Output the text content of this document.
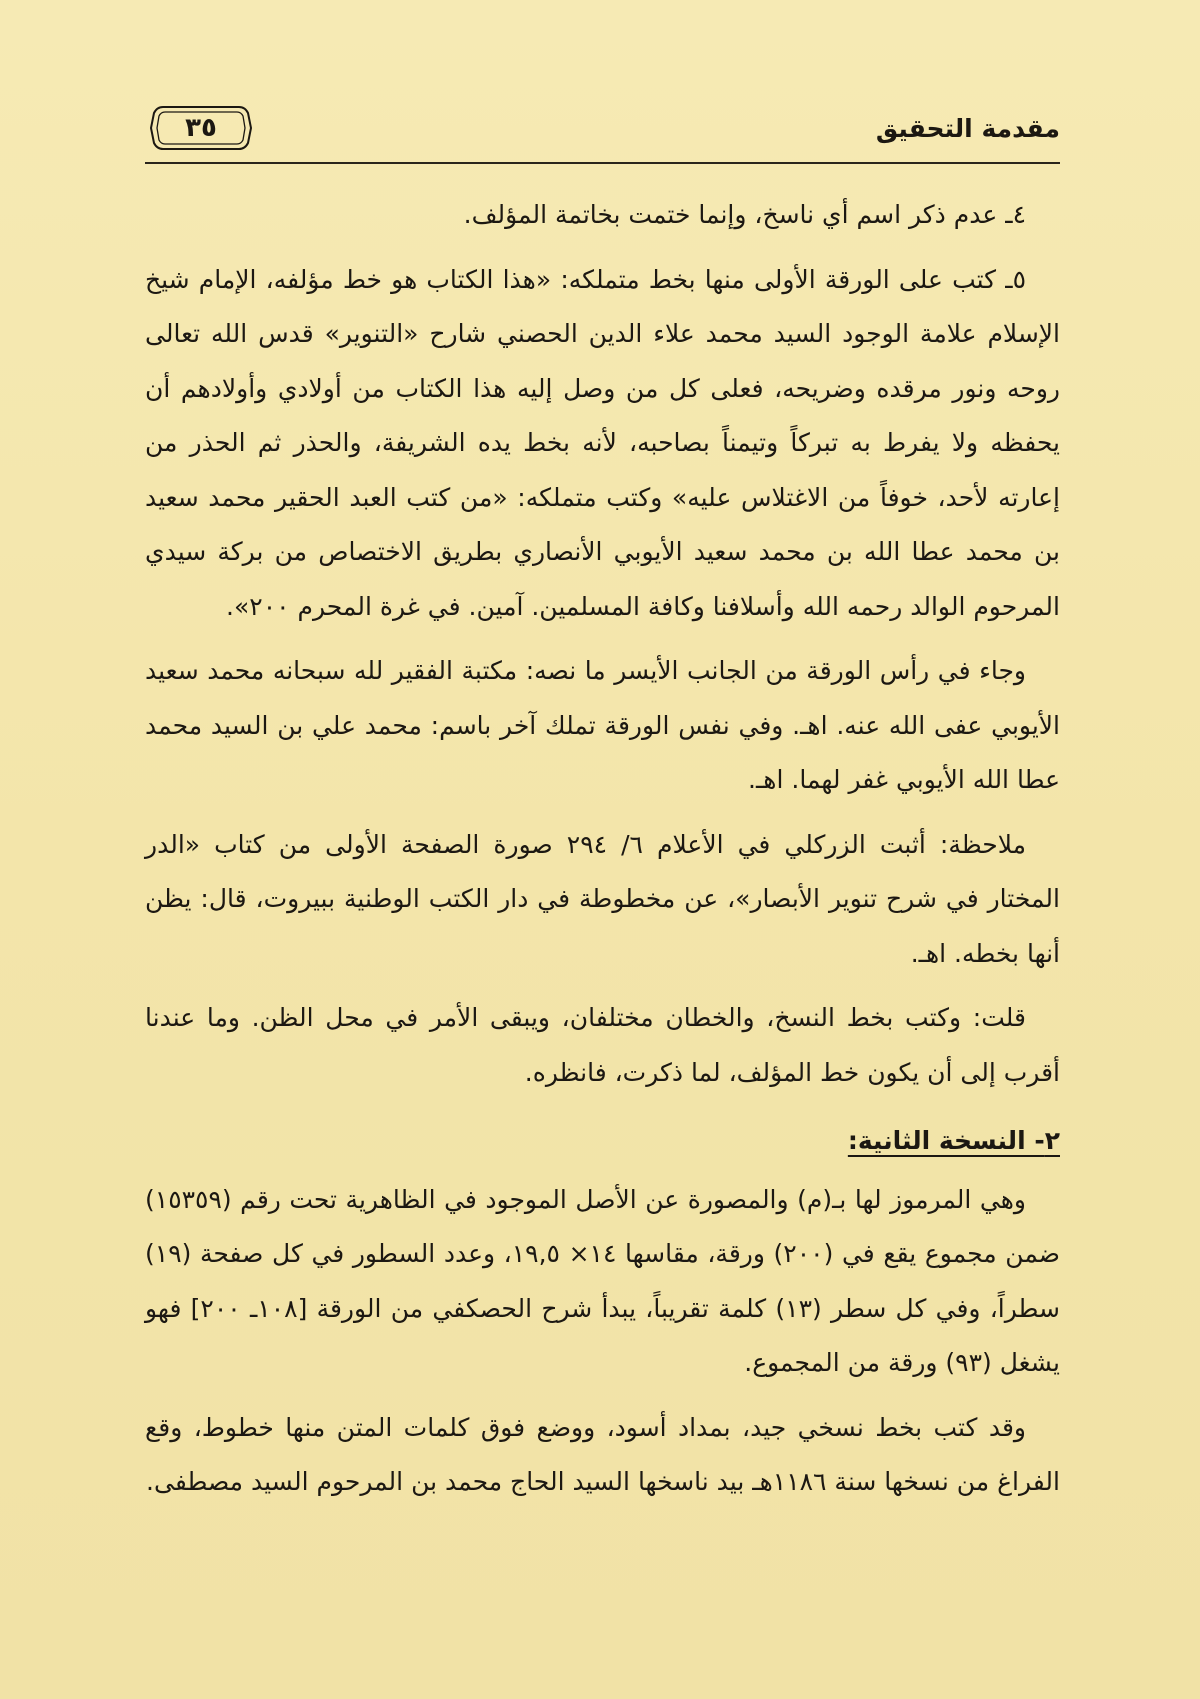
مقدمة التحقيق
٣٥

٤ـ عدم ذكر اسم أي ناسخ، وإنما ختمت بخاتمة المؤلف.

٥ـ كتب على الورقة الأولى منها بخط متملكه: «هذا الكتاب هو خط مؤلفه، الإمام شيخ الإسلام علامة الوجود السيد محمد علاء الدين الحصني شارح «التنوير» قدس الله تعالى روحه ونور مرقده وضريحه، فعلى كل من وصل إليه هذا الكتاب من أولادي وأولادهم أن يحفظه ولا يفرط به تبركاً وتيمناً بصاحبه، لأنه بخط يده الشريفة، والحذر ثم الحذر من إعارته لأحد، خوفاً من الاغتلاس عليه» وكتب متملكه: «من كتب العبد الحقير محمد سعيد بن محمد عطا الله بن محمد سعيد الأيوبي الأنصاري بطريق الاختصاص من بركة سيدي المرحوم الوالد رحمه الله وأسلافنا وكافة المسلمين. آمين. في غرة المحرم ٢٠٠».

وجاء في رأس الورقة من الجانب الأيسر ما نصه: مكتبة الفقير لله سبحانه محمد سعيد الأيوبي عفى الله عنه. اهـ. وفي نفس الورقة تملك آخر باسم: محمد علي بن السيد محمد عطا الله الأيوبي غفر لهما. اهـ.

ملاحظة: أثبت الزركلي في الأعلام ٦/ ٢٩٤ صورة الصفحة الأولى من كتاب «الدر المختار في شرح تنوير الأبصار»، عن مخطوطة في دار الكتب الوطنية ببيروت، قال: يظن أنها بخطه. اهـ.

قلت: وكتب بخط النسخ، والخطان مختلفان، ويبقى الأمر في محل الظن. وما عندنا أقرب إلى أن يكون خط المؤلف، لما ذكرت، فانظره.

٢- النسخة الثانية:

وهي المرموز لها بـ(م) والمصورة عن الأصل الموجود في الظاهرية تحت رقم (١٥٣٥٩) ضمن مجموع يقع في (٢٠٠) ورقة، مقاسها ١٤× ١٩,٥، وعدد السطور في كل صفحة (١٩) سطراً، وفي كل سطر (١٣) كلمة تقريباً، يبدأ شرح الحصكفي من الورقة [١٠٨ـ ٢٠٠] فهو يشغل (٩٣) ورقة من المجموع.

وقد كتب بخط نسخي جيد، بمداد أسود، ووضع فوق كلمات المتن منها خطوط، وقع الفراغ من نسخها سنة ١١٨٦هـ بيد ناسخها السيد الحاج محمد بن المرحوم السيد مصطفى.
